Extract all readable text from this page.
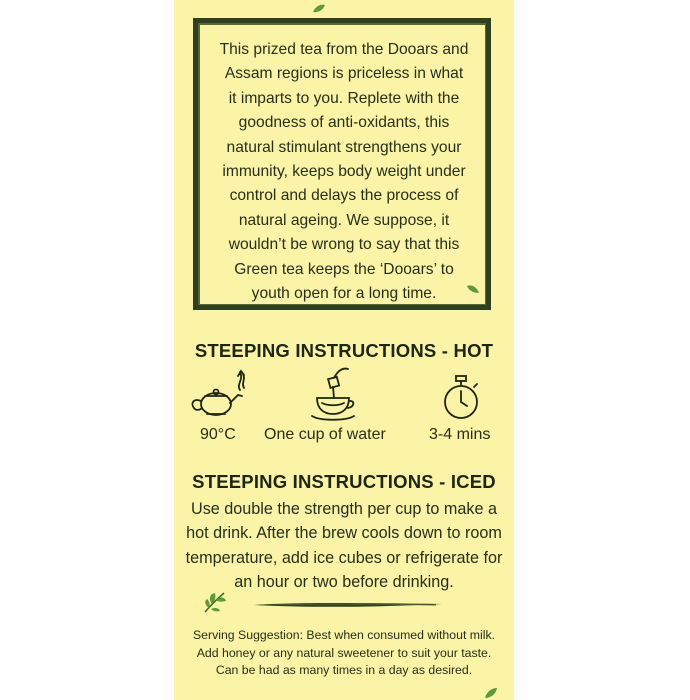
This prized tea from the Dooars and
Assam regions is priceless in what
it imparts to you. Replete with the
goodness of anti-oxidants, this
natural stimulant strengthens your
immunity, keeps body weight under
control and delays the process of
natural ageing. We suppose, it
wouldn’t be wrong to say that this
Green tea keeps the ‘Dooars’ to
youth open for a long time.
STEEPING INSTRUCTIONS - HOT
90°C One cup of water	3-4 mins
STEEPING INSTRUCTIONS - ICED
Use double the strength per cup to make a
hot drink. After the brew cools down to room
temperature, add ice cubes or refrigerate for
an hour or two before drinking.
Serving Suggestion: Best when consumed without milk.
Add honey or any natural sweetener to suit your taste.
Can be had as many times in a day as desired.
